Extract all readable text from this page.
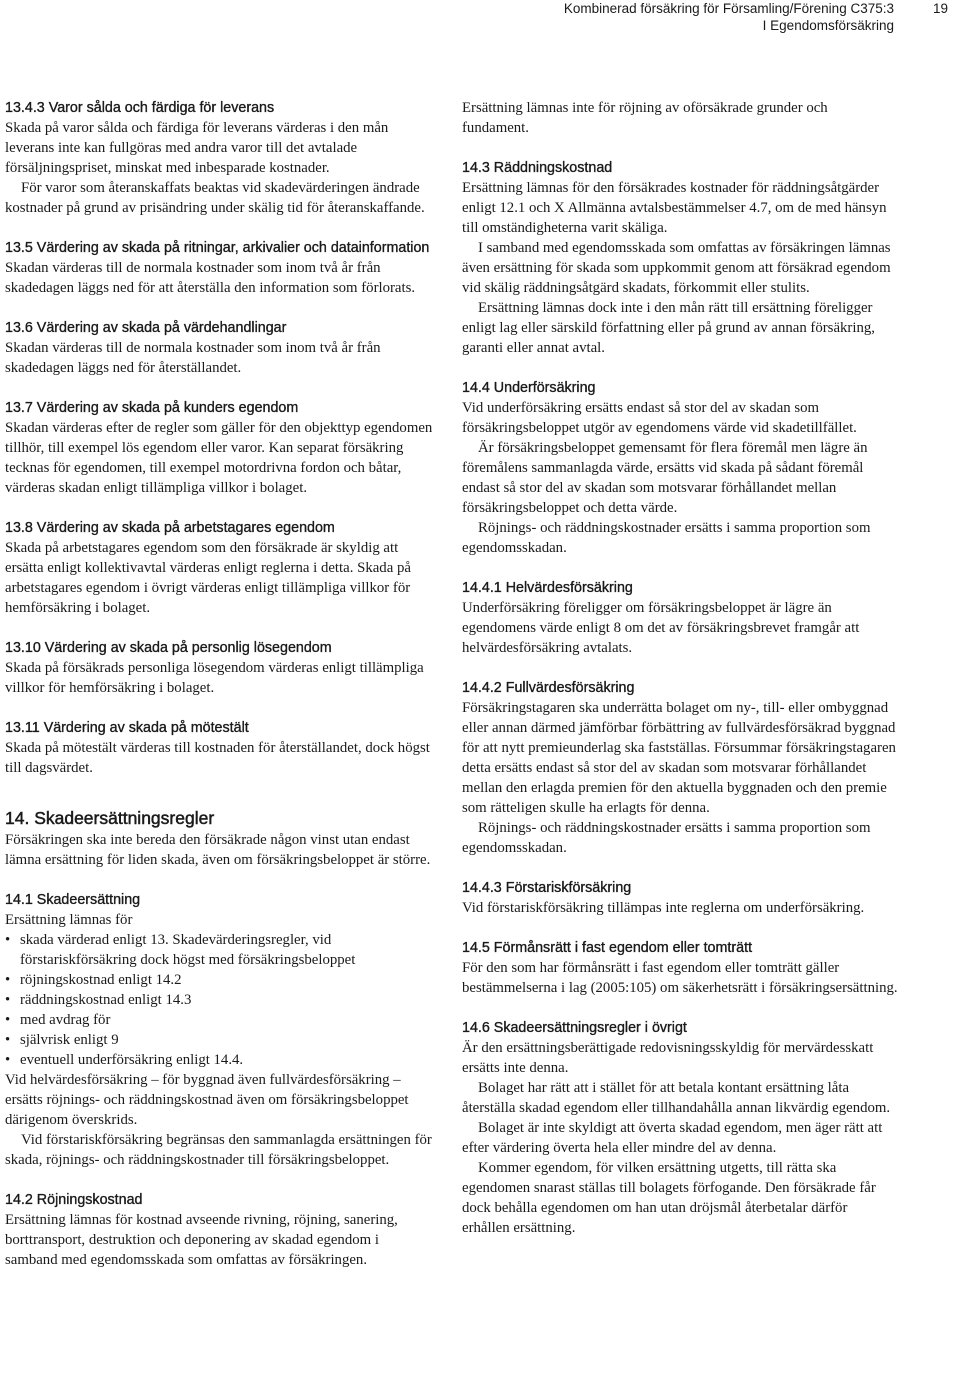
Kombinerad försäkring för Församling/Förening C375:3
I Egendomsförsäkring
19
13.4.3 Varor sålda och färdiga för leverans

Skada på varor sålda och färdiga för leverans värderas i den mån leverans inte kan fullgöras med andra varor till det avtalade försäljningspriset, minskat med inbesparade kostnader.

För varor som återanskaffats beaktas vid skadevärderingen ändrade kostnader på grund av prisändring under skälig tid för återanskaffande.

13.5 Värdering av skada på ritningar, arkivalier och datainformation

Skadan värderas till de normala kostnader som inom två år från skadedagen läggs ned för att återställa den information som förlorats.

13.6 Värdering av skada på värdehandlingar

Skadan värderas till de normala kostnader som inom två år från skadedagen läggs ned för återställandet.

13.7 Värdering av skada på kunders egendom

Skadan värderas efter de regler som gäller för den objekttyp egendomen tillhör, till exempel lös egendom eller varor. Kan separat försäkring tecknas för egendomen, till exempel motordrivna fordon och båtar, värderas skadan enligt tillämpliga villkor i bolaget.

13.8 Värdering av skada på arbetstagares egendom

Skada på arbetstagares egendom som den försäkrade är skyldig att ersätta enligt kollektivavtal värderas enligt reglerna i detta. Skada på arbetstagares egendom i övrigt värderas enligt tillämpliga villkor för hemförsäkring i bolaget.

13.10 Värdering av skada på personlig lösegendom

Skada på försäkrads personliga lösegendom värderas enligt tillämpliga villkor för hemförsäkring i bolaget.

13.11 Värdering av skada på mötestält

Skada på mötestält värderas till kostnaden för återställandet, dock högst till dagsvärdet.

14. Skadeersättningsregler

Försäkringen ska inte bereda den försäkrade någon vinst utan endast lämna ersättning för liden skada, även om försäkringsbeloppet är större.

14.1 Skadeersättning

Ersättning lämnas för

• skada värderad enligt 13. Skadevärderingsregler, vid förstariskförsäkring dock högst med försäkringsbeloppet
• röjningskostnad enligt 14.2
• räddningskostnad enligt 14.3
• med avdrag för
• självrisk enligt 9
• eventuell underförsäkring enligt 14.4.

Vid helvärdesförsäkring – för byggnad även fullvärdesförsäkring – ersätts röjnings- och räddningskostnad även om försäkringsbeloppet därigenom överskrids.

Vid förstariskförsäkring begränsas den sammanlagda ersättningen för skada, röjnings- och räddningskostnader till försäkringsbeloppet.

14.2 Röjningskostnad

Ersättning lämnas för kostnad avseende rivning, röjning, sanering, borttransport, destruktion och deponering av skadad egendom i samband med egendomsskada som omfattas av försäkringen.

Ersättning lämnas inte för röjning av oförsäkrade grunder och fundament.

14.3 Räddningskostnad

Ersättning lämnas för den försäkrades kostnader för räddningsåtgärder enligt 12.1 och X Allmänna avtalsbestämmelser 4.7, om de med hänsyn till omständigheterna varit skäliga.

I samband med egendomsskada som omfattas av försäkringen lämnas även ersättning för skada som uppkommit genom att försäkrad egendom vid skälig räddningsåtgärd skadats, förkommit eller stulits.

Ersättning lämnas dock inte i den mån rätt till ersättning föreligger enligt lag eller särskild författning eller på grund av annan försäkring, garanti eller annat avtal.

14.4 Underförsäkring

Vid underförsäkring ersätts endast så stor del av skadan som försäkringsbeloppet utgör av egendomens värde vid skadetillfället.

Är försäkringsbeloppet gemensamt för flera föremål men lägre än föremålens sammanlagda värde, ersätts vid skada på sådant föremål endast så stor del av skadan som motsvarar förhållandet mellan försäkringsbeloppet och detta värde.

Röjnings- och räddningskostnader ersätts i samma proportion som egendomsskadan.

14.4.1 Helvärdesförsäkring

Underförsäkring föreligger om försäkringsbeloppet är lägre än egendomens värde enligt 8 om det av försäkringsbrevet framgår att helvärdesförsäkring avtalats.

14.4.2 Fullvärdesförsäkring

Försäkringstagaren ska underrätta bolaget om ny-, till- eller ombyggnad eller annan därmed jämförbar förbättring av fullvärdesförsäkrad byggnad för att nytt premieunderlag ska fastställas. Försummar försäkringstagaren detta ersätts endast så stor del av skadan som motsvarar förhållandet mellan den erlagda premien för den aktuella byggnaden och den premie som rätteligen skulle ha erlagts för denna.

Röjnings- och räddningskostnader ersätts i samma proportion som egendomsskadan.

14.4.3 Förstariskförsäkring

Vid förstariskförsäkring tillämpas inte reglerna om underförsäkring.

14.5 Förmånsrätt i fast egendom eller tomträtt

För den som har förmånsrätt i fast egendom eller tomträtt gäller bestämmelserna i lag (2005:105) om säkerhetsrätt i försäkringsersättning.

14.6 Skadeersättningsregler i övrigt

Är den ersättningsberättigade redovisningsskyldig för mervärdesskatt ersätts inte denna.

Bolaget har rätt att i stället för att betala kontant ersättning låta återställa skadad egendom eller tillhandahålla annan likvärdig egendom.

Bolaget är inte skyldigt att överta skadad egendom, men äger rätt att efter värdering överta hela eller mindre del av denna.

Kommer egendom, för vilken ersättning utgetts, till rätta ska egendomen snarast ställas till bolagets förfogande. Den försäkrade får dock behålla egendomen om han utan dröjsmål återbetalar därför erhållen ersättning.
